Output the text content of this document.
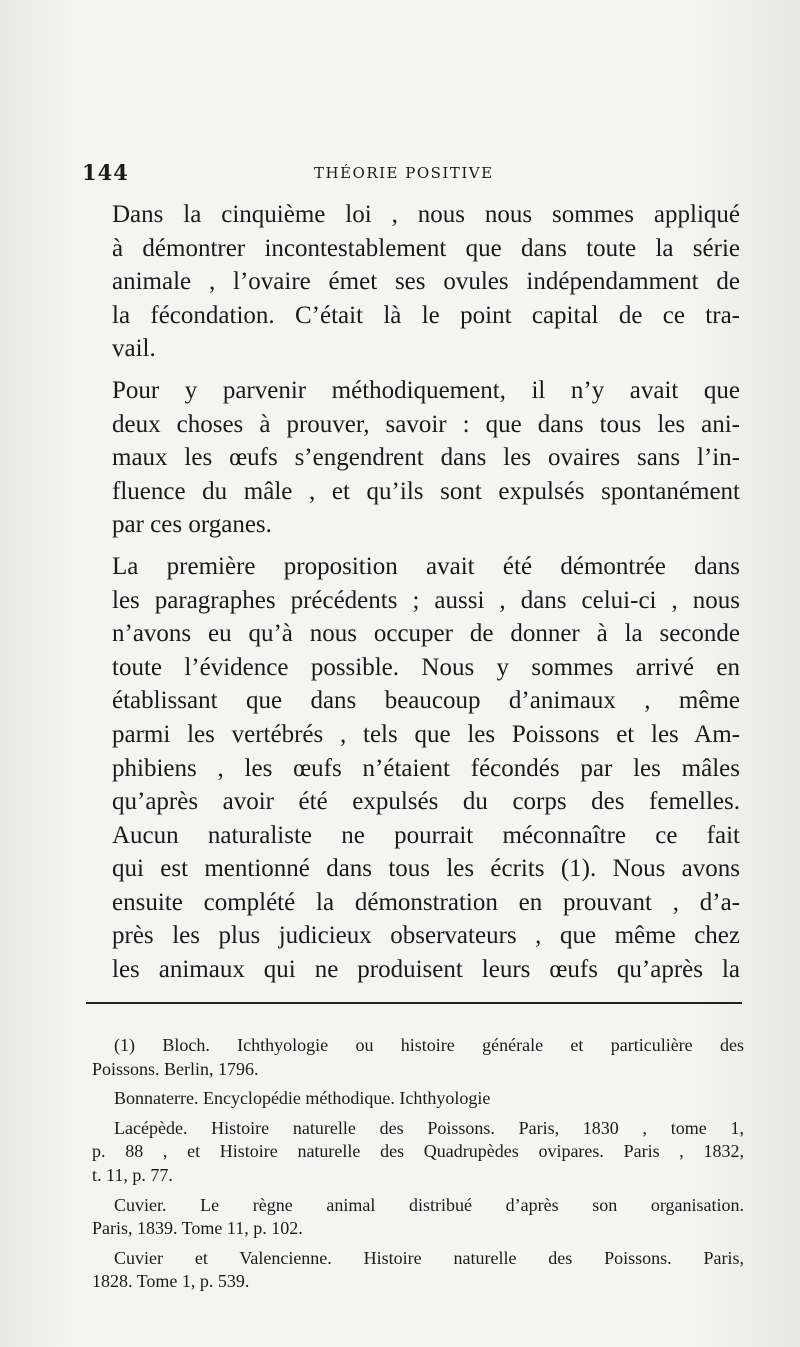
144	THÉORIE POSITIVE
Dans la cinquième loi , nous nous sommes appliqué
à démontrer incontestablement que dans toute la série
animale , l’ovaire émet ses ovules indépendamment de
la fécondation. C’était là le point capital de ce tra-
vail.
Pour y parvenir méthodiquement, il n’y avait que
deux choses à prouver, savoir : que dans tous les ani-
maux les œufs s’engendrent dans les ovaires sans l’in-
fluence du mâle , et qu’ils sont expulsés spontanément
par ces organes.
La première proposition avait été démontrée dans
les paragraphes précédents ; aussi , dans celui-ci , nous
n’avons eu qu’à nous occuper de donner à la seconde
toute l’évidence possible. Nous y sommes arrivé en
établissant que dans beaucoup d’animaux , même
parmi les vertébrés , tels que les Poissons et les Am-
phibiens , les œufs n’étaient fécondés par les mâles
qu’après avoir été expulsés du corps des femelles.
Aucun naturaliste ne pourrait méconnaître ce fait
qui est mentionné dans tous les écrits (1). Nous avons
ensuite complété la démonstration en prouvant , d’a-
près les plus judicieux observateurs , que même chez
les animaux qui ne produisent leurs œufs qu’après la
(1) Bloch. Ichthyologie ou histoire générale et particulière des
Poissons. Berlin, 1796.
Bonnaterre. Encyclopédie méthodique. Ichthyologie
Lacépède. Histoire naturelle des Poissons. Paris, 1830 , tome 1,
p. 88 , et Histoire naturelle des Quadrupèdes ovipares. Paris , 1832,
t. 11, p. 77.
Cuvier. Le règne animal distribué d’après son organisation.
Paris, 1839. Tome 11, p. 102.
Cuvier et Valencienne. Histoire naturelle des Poissons. Paris,
1828. Tome 1, p. 539.
